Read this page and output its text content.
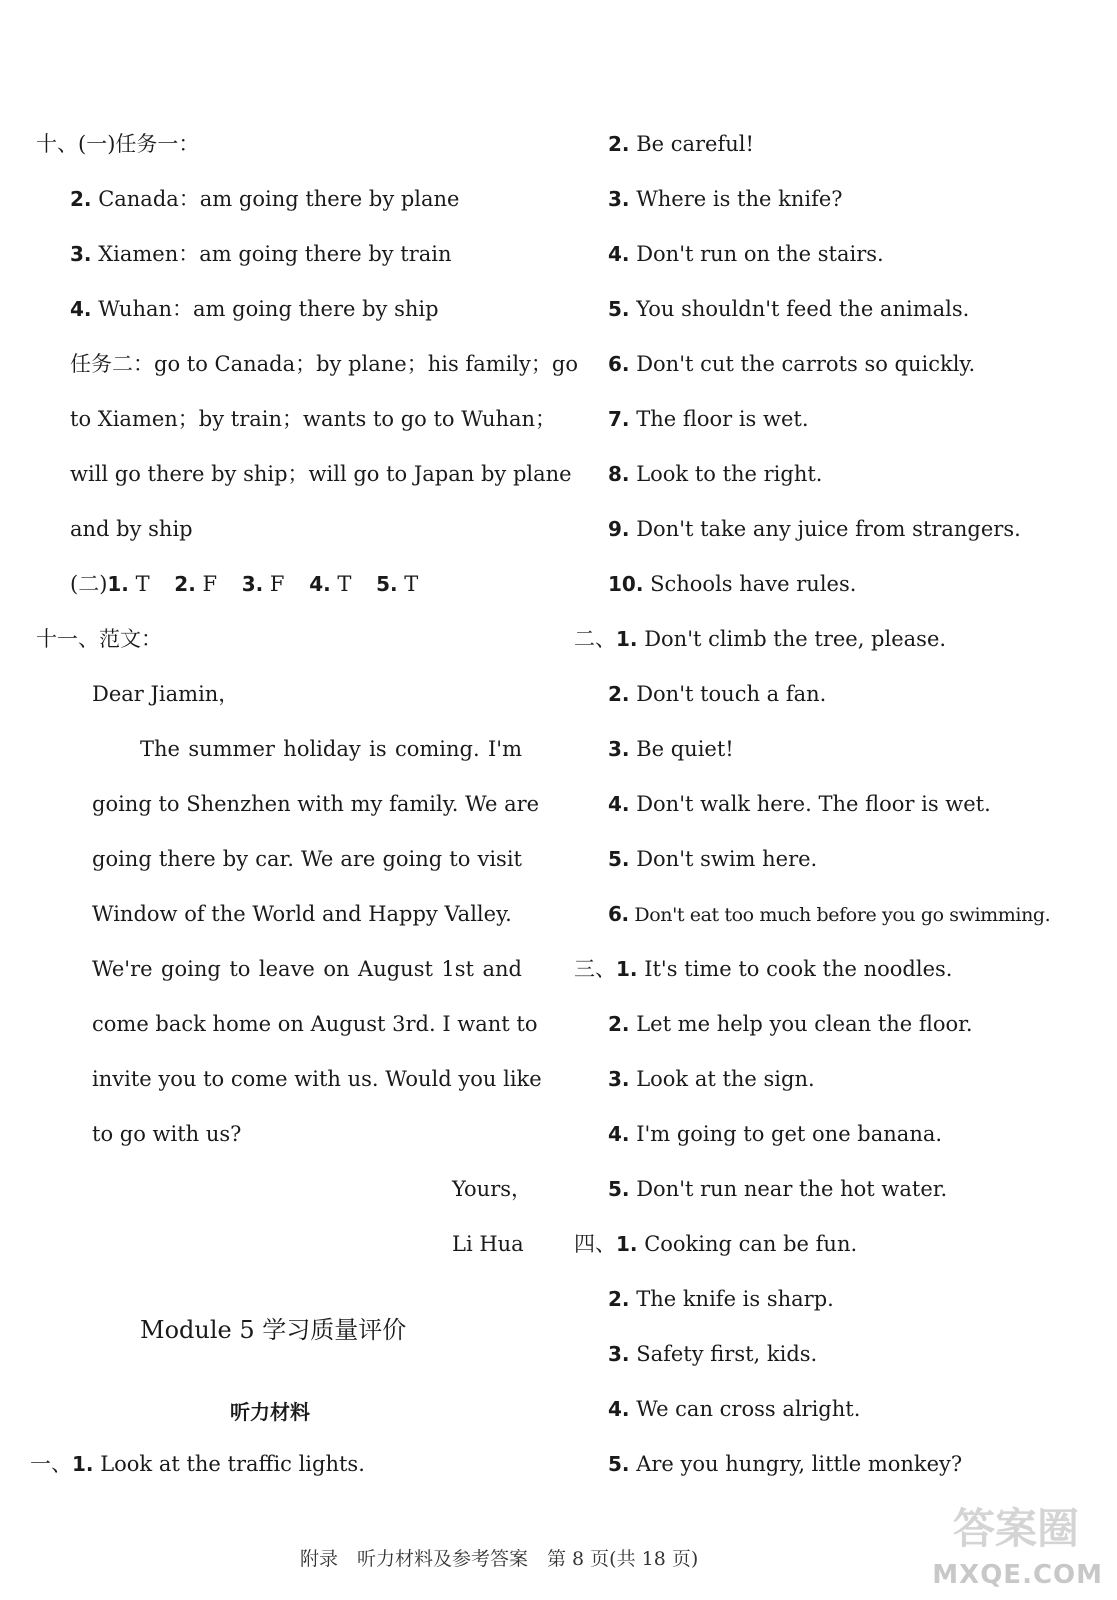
十、(一)任务一：
2. Canada：am going there by plane
3. Xiamen：am going there by train
4. Wuhan：am going there by ship
任务二：go to Canada；by plane；his family；go
to Xiamen；by train；wants to go to Wuhan；
will go there by ship；will go to Japan by plane
and by ship
(二)1. T 2. F 3. F 4. T 5. T
十一、范文：
Dear Jiamin，
The summer holiday is coming. I'm
going to Shenzhen with my family. We are
going there by car. We are going to visit
Window of the World and Happy Valley.
We're going to leave on August 1st and
come back home on August 3rd. I want to
invite you to come with us. Would you like
to go with us?
Yours，
Li Hua
Module 5 学习质量评价
听力材料
一、1. Look at the traffic lights.
2. Be careful!
3. Where is the knife?
4. Don't run on the stairs.
5. You shouldn't feed the animals.
6. Don't cut the carrots so quickly.
7. The floor is wet.
8. Look to the right.
9. Don't take any juice from strangers.
10. Schools have rules.
二、1. Don't climb the tree, please.
2. Don't touch a fan.
3. Be quiet!
4. Don't walk here. The floor is wet.
5. Don't swim here.
6. Don't eat too much before you go swimming.
三、1. It's time to cook the noodles.
2. Let me help you clean the floor.
3. Look at the sign.
4. I'm going to get one banana.
5. Don't run near the hot water.
四、1. Cooking can be fun.
2. The knife is sharp.
3. Safety first, kids.
4. We can cross alright.
5. Are you hungry, little monkey?
附录　听力材料及参考答案　第 8 页(共 18 页)
答案圈
MXQE.COM
